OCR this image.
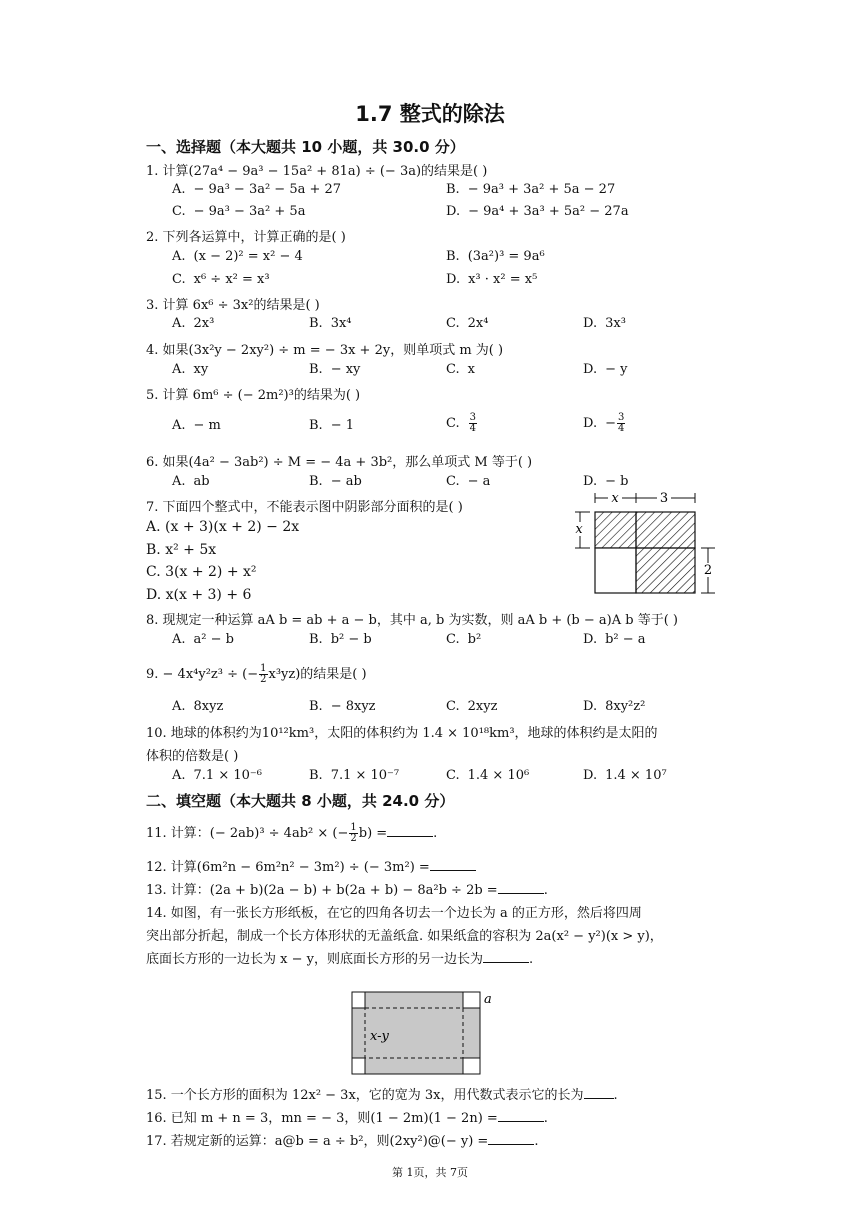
1.7 整式的除法
一、选择题（本大题共 10 小题，共 30.0 分）
1. 计算(27a⁴ − 9a³ − 15a² + 81a) ÷ (− 3a)的结果是( )
A. − 9a³ − 3a² − 5a + 27	B. − 9a³ + 3a² + 5a − 27
C. − 9a³ − 3a² + 5a	D. − 9a⁴ + 3a³ + 5a² − 27a
2. 下列各运算中，计算正确的是( )
A. (x − 2)² = x² − 4	B. (3a²)³ = 9a⁶
C. x⁶ ÷ x² = x³	D. x³ · x² = x⁵
3. 计算 6x⁶ ÷ 3x²的结果是( )
A. 2x³	B. 3x⁴	C. 2x⁴	D. 3x³
4. 如果(3x²y − 2xy²) ÷ m = − 3x + 2y，则单项式 m 为( )
A. xy	B. − xy	C. x	D. − y
5. 计算 6m⁶ ÷ (− 2m²)³的结果为( )
A. − m	B. − 1	C. $\frac{3}{4}$	D. − $\frac{3}{4}$
6. 如果(4a² − 3ab²) ÷ M = − 4a + 3b²，那么单项式 M 等于( )
A. ab	B. − ab	C. − a	D. − b
7. 下面四个整式中，不能表示图中阴影部分面积的是( )
A. (x + 3)(x + 2) − 2x
B. x² + 5x
C. 3(x + 2) + x²
D. x(x + 3) + 6
x	3
x
2
8. 现规定一种运算 aA b = ab + a − b，其中 a, b 为实数，则 aA b + (b − a)A b 等于( )
A. a² − b	B. b² − b	C. b²	D. b² − a
9. − 4x⁴y²z³ ÷ (− $\frac{1}{2} x^3yz$)的结果是( )
A. 8xyz	B. − 8xyz	C. 2xyz	D. 8xy²z²
10. 地球的体积约为10¹²km³，太阳的体积约为 1.4 × 10¹⁸km³，地球的体积约是太阳的
体积的倍数是( )
A. 7.1 × 10⁻⁶	B. 7.1 × 10⁻⁷	C. 1.4 × 10⁶	D. 1.4 × 10⁷
二、填空题（本大题共 8 小题，共 24.0 分）
11. 计算：(− 2ab)³ ÷ 4ab² × (− $\frac{1}{2} b$) =	.
12. 计算(6m²n − 6m²n² − 3m²) ÷ (− 3m²) =
13. 计算：(2a + b)(2a − b) + b(2a + b) − 8a²b ÷ 2b =	.
14. 如图，有一张长方形纸板，在它的四角各切去一个边长为 a 的正方形，然后将四周
突出部分折起，制成一个长方体形状的无盖纸盒. 如果纸盒的容积为 2a(x² − y²)(x > y)，
底面长方形的一边长为 x − y，则底面长方形的另一边长为	.
a
x-y
15. 一个长方形的面积为 12x² − 3x，它的宽为 3x，用代数式表示它的长为 .
16. 已知 m + n = 3，mn = − 3，则(1 − 2m)(1 − 2n) =	.
17. 若规定新的运算：a@b = a ÷ b²，则(2xy²)@(− y) =	.
第 1页，共 7页
